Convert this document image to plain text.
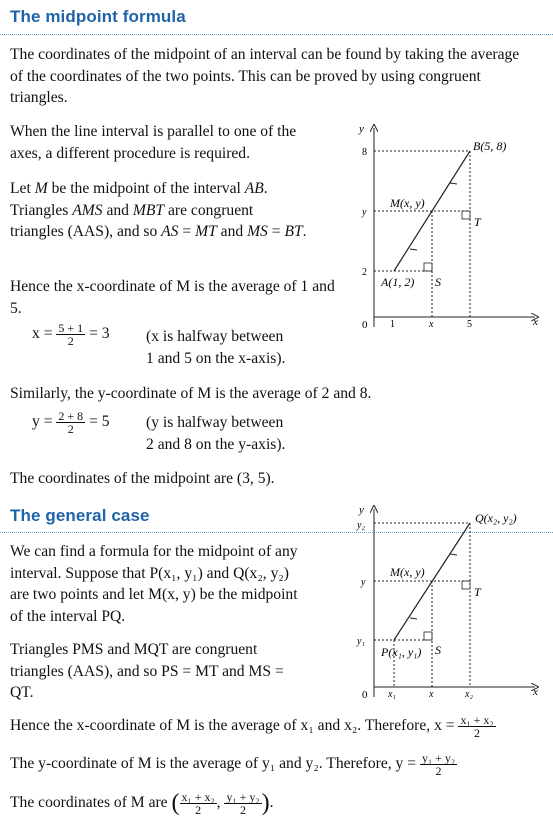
The midpoint formula
The coordinates of the midpoint of an interval can be found by taking the average of the coordinates of the two points. This can be proved by using congruent triangles.
When the line interval is parallel to one of the axes, a different procedure is required.
Let M be the midpoint of the interval AB. Triangles AMS and MBT are congruent triangles (AAS), and so AS = MT and MS = BT.
Hence the x-coordinate of M is the average of 1 and 5.
$x = \frac{5 + 1}{2} = 3$ (x is halfway between
1 and 5 on the x-axis).
Similarly, the y-coordinate of M is the average of 2 and 8.
$y = \frac{2 + 8}{2} = 5$ (y is halfway between
2 and 8 on the y-axis).
The coordinates of the midpoint are (3, 5).
y
x
0
8
y
2
1	x	5
B(5, 8)
M(x, y)
A(1, 2)
T
S
The general case
We can find a formula for the midpoint of any interval. Suppose that P(x₁, y₁) and Q(x₂, y₂) are two points and let M(x, y) be the midpoint of the interval PQ.
Triangles PMS and MQT are congruent triangles (AAS), and so PS = MT and MS = QT.
Hence the x-coordinate of M is the average of x₁ and x₂. Therefore, $x = \frac{\text{x₁ + x₂}}{2}$
The y-coordinate of M is the average of y₁ and y₂. Therefore, $y = \frac{\text{y₁ + y₂}}{2}$
The coordinates of M are ( $\frac{\text{x₁ + x₂}}{2}$ , $\frac{\text{y₁ + y₂}}{2}$ ).
y
x
0
y₂
y
y₁
x₁	x	x₂
Q(x₂, y₂)
M(x, y)
P(x₁, y₁)
T
S
